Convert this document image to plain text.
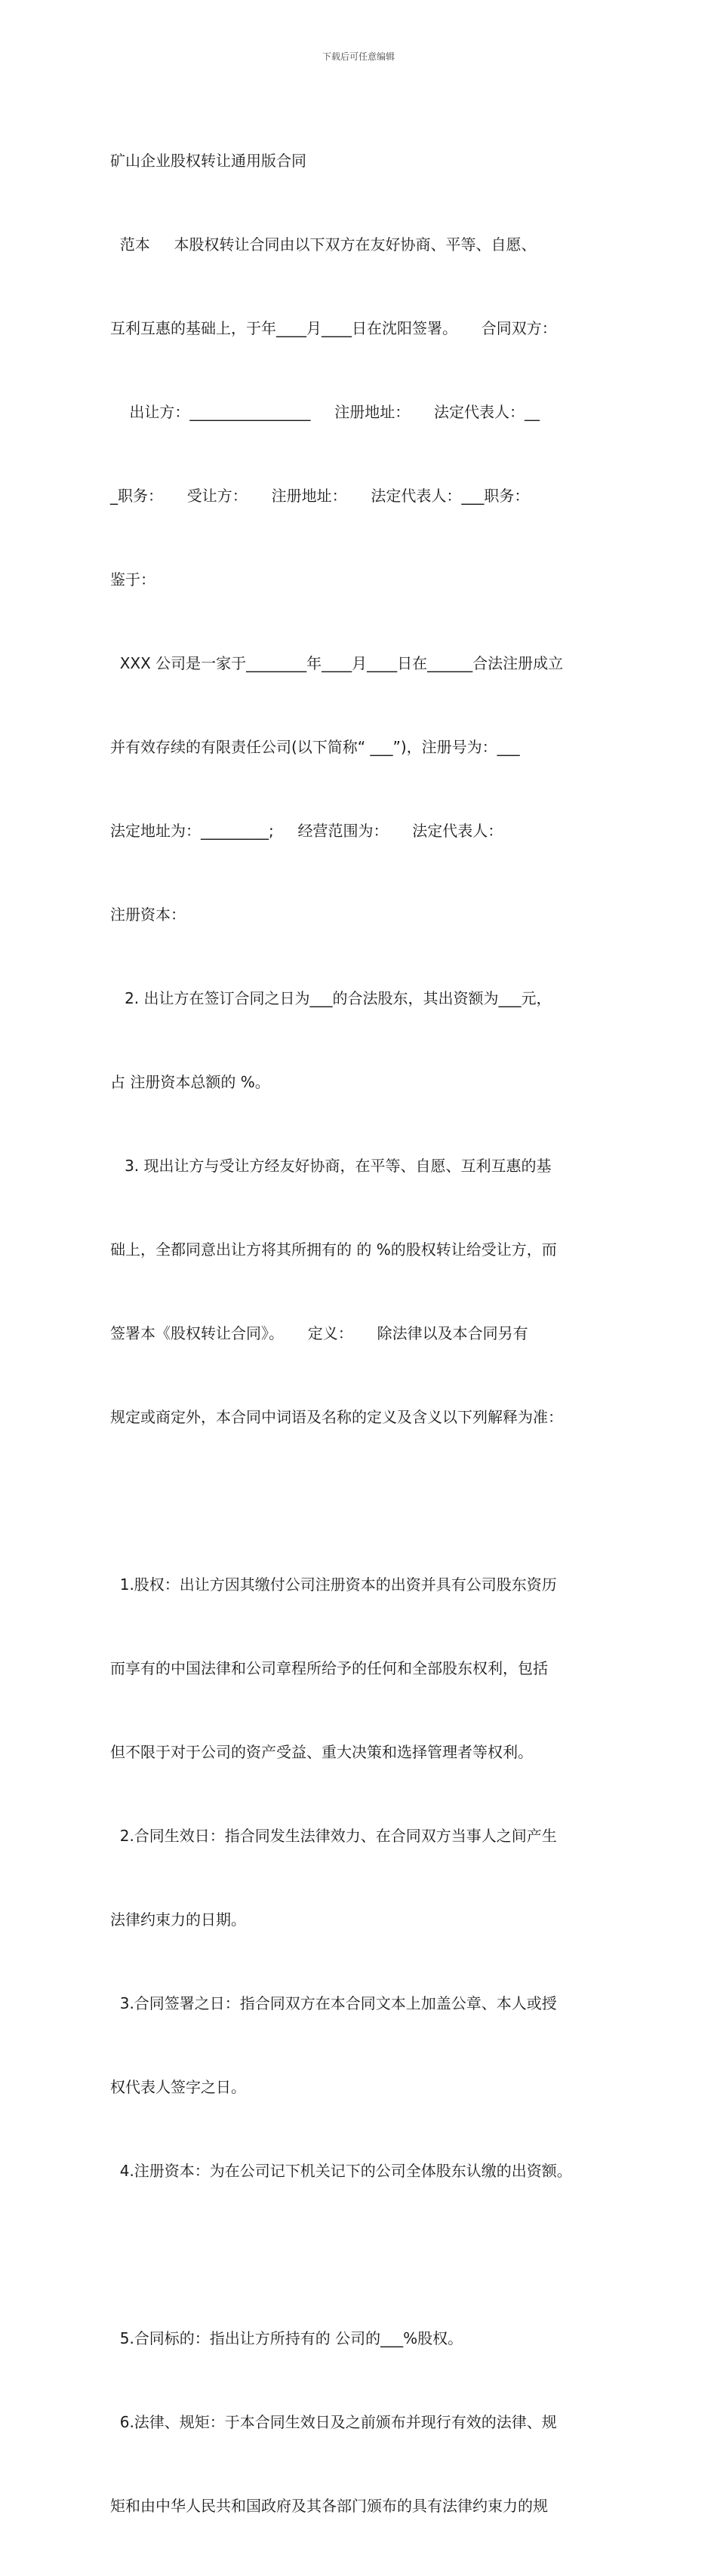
下载后可任意编辑

矿山企业股权转让通用版合同

范本     本股权转让合同由以下双方在友好协商、平等、自愿、

互利互惠的基础上，于年____月____日在沈阳签署。     合同双方：

出让方：________________     注册地址：     法定代表人：__

_职务：     受让方：     注册地址：     法定代表人：___职务：

鉴于：

XXX 公司是一家于________年____月____日在______合法注册成立

并有效存续的有限责任公司(以下简称“ ___”)，注册号为：___

法定地址为：_________;     经营范围为：     法定代表人：

注册资本：

2. 出让方在签订合同之日为___的合法股东，其出资额为___元，

占 注册资本总额的 %。

3. 现出让方与受让方经友好协商，在平等、自愿、互利互惠的基

础上，全都同意出让方将其所拥有的 的 %的股权转让给受让方，而

签署本《股权转让合同》。     定义：     除法律以及本合同另有

规定或商定外，本合同中词语及名称的定义及含义以下列解释为准：

1.股权：出让方因其缴付公司注册资本的出资并具有公司股东资历

而享有的中国法律和公司章程所给予的任何和全部股东权利，包括

但不限于对于公司的资产受益、重大决策和选择管理者等权利。

2.合同生效日：指合同发生法律效力、在合同双方当事人之间产生

法律约束力的日期。

3.合同签署之日：指合同双方在本合同文本上加盖公章、本人或授

权代表人签字之日。

4.注册资本：为在公司记下机关记下的公司全体股东认缴的出资额。

5.合同标的：指出让方所持有的 公司的___%股权。

6.法律、规矩：于本合同生效日及之前颁布并现行有效的法律、规

矩和由中华人民共和国政府及其各部门颁布的具有法律约束力的规
